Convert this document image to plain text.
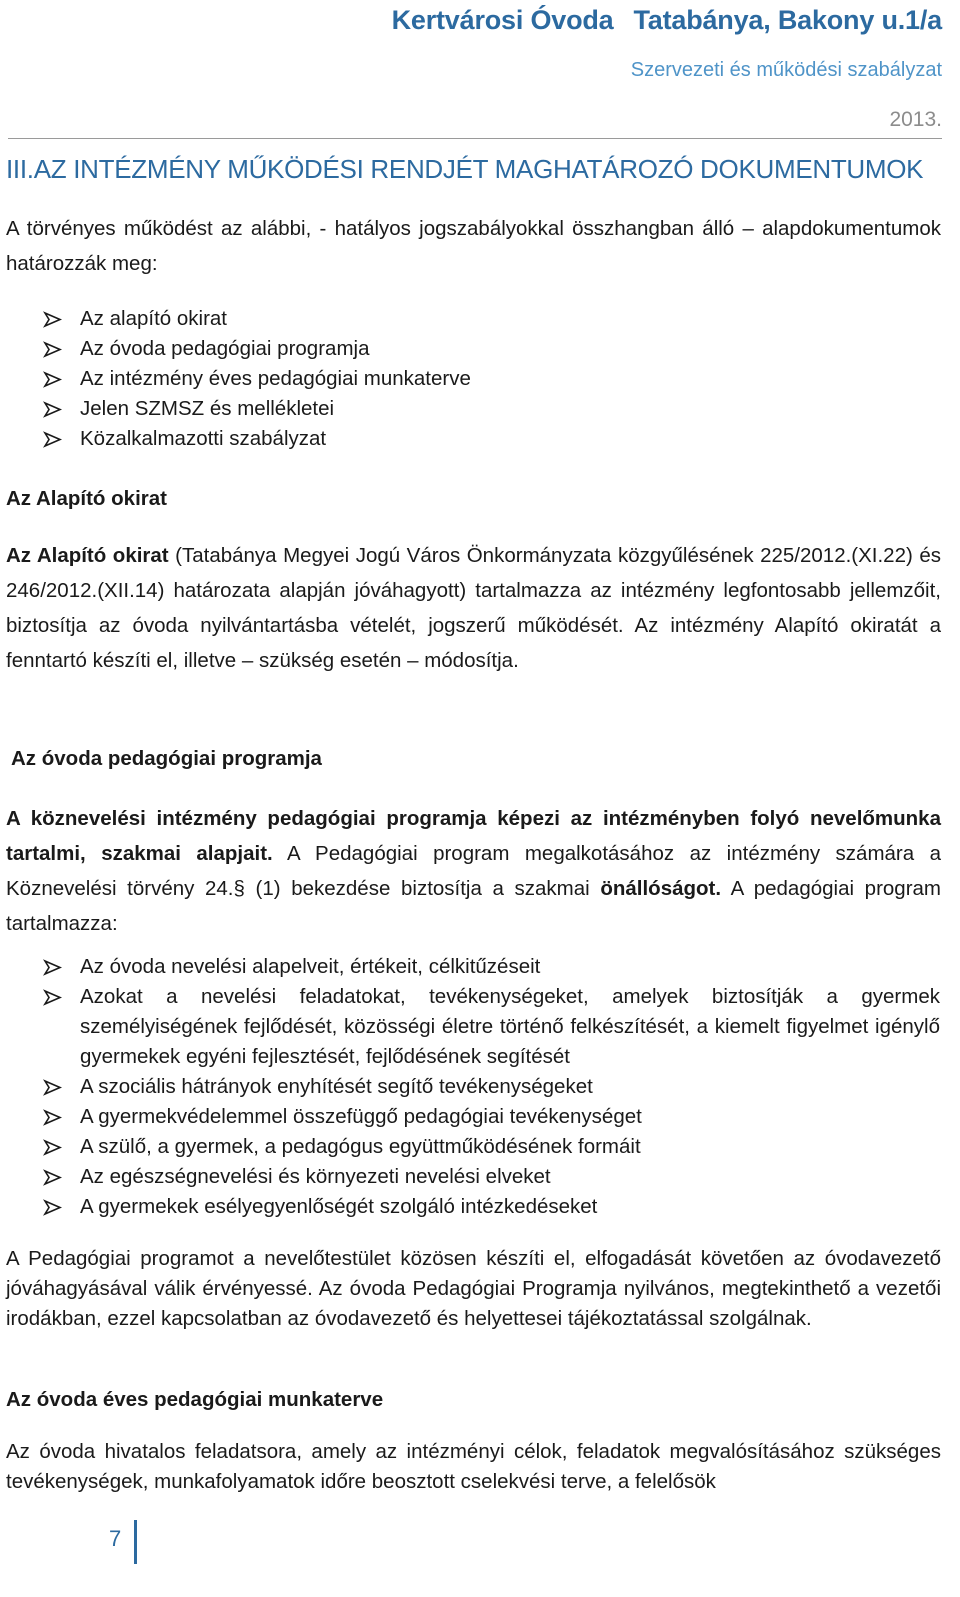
Kertvárosi Óvoda Tatabánya, Bakony u.1/a
Szervezeti és működési szabályzat
2013.
III.AZ INTÉZMÉNY MŰKÖDÉSI RENDJÉT MAGHATÁROZÓ DOKUMENTUMOK
A törvényes működést az alábbi, - hatályos jogszabályokkal összhangban álló – alapdokumentumok határozzák meg:
Az alapító okirat
Az óvoda pedagógiai programja
Az intézmény éves pedagógiai munkaterve
Jelen SZMSZ és mellékletei
Közalkalmazotti szabályzat
Az Alapító okirat
Az Alapító okirat (Tatabánya Megyei Jogú Város Önkormányzata közgyűlésének 225/2012.(XI.22) és 246/2012.(XII.14) határozata alapján jóváhagyott) tartalmazza az intézmény legfontosabb jellemzőit, biztosítja az óvoda nyilvántartásba vételét, jogszerű működését. Az intézmény Alapító okiratát a fenntartó készíti el, illetve – szükség esetén – módosítja.
Az óvoda pedagógiai programja
A köznevelési intézmény pedagógiai programja képezi az intézményben folyó nevelőmunka tartalmi, szakmai alapjait. A Pedagógiai program megalkotásához az intézmény számára a Köznevelési törvény 24.§ (1) bekezdése biztosítja a szakmai önállóságot. A pedagógiai program tartalmazza:
Az óvoda nevelési alapelveit, értékeit, célkitűzéseit
Azokat a nevelési feladatokat, tevékenységeket, amelyek biztosítják a gyermek személyiségének fejlődését, közösségi életre történő felkészítését, a kiemelt figyelmet igénylő gyermekek egyéni fejlesztését, fejlődésének segítését
A szociális hátrányok enyhítését segítő tevékenységeket
A gyermekvédelemmel összefüggő pedagógiai tevékenységet
A szülő, a gyermek, a pedagógus együttműködésének formáit
Az egészségnevelési és környezeti nevelési elveket
A gyermekek esélyegyenlőségét szolgáló intézkedéseket
A Pedagógiai programot a nevelőtestület közösen készíti el, elfogadását követően az óvodavezető jóváhagyásával válik érvényessé. Az óvoda Pedagógiai Programja nyilvános, megtekinthető a vezetői irodákban, ezzel kapcsolatban az óvodavezető és helyettesei tájékoztatással szolgálnak.
Az óvoda éves pedagógiai munkaterve
Az óvoda hivatalos feladatsora, amely az intézményi célok, feladatok megvalósításához szükséges tevékenységek, munkafolyamatok időre beosztott cselekvési terve, a felelősök
7
